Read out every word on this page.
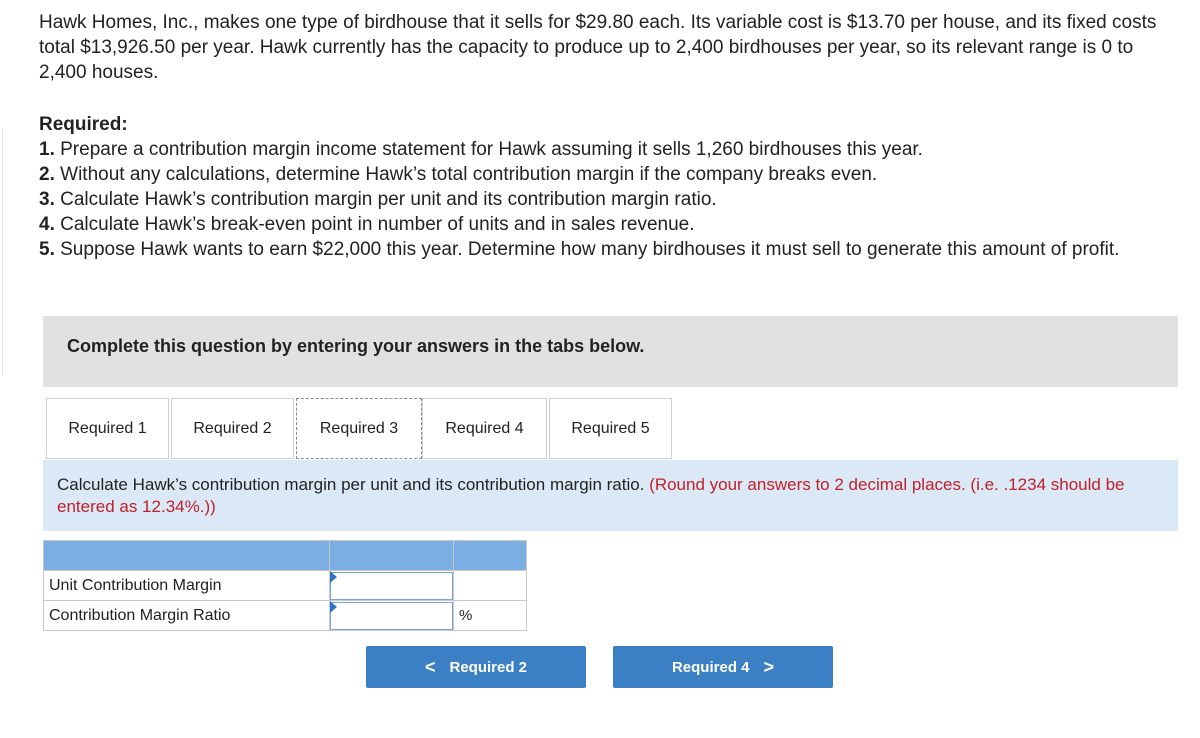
Hawk Homes, Inc., makes one type of birdhouse that it sells for $29.80 each. Its variable cost is $13.70 per house, and its fixed costs total $13,926.50 per year. Hawk currently has the capacity to produce up to 2,400 birdhouses per year, so its relevant range is 0 to 2,400 houses.
Required:
1. Prepare a contribution margin income statement for Hawk assuming it sells 1,260 birdhouses this year.
2. Without any calculations, determine Hawk’s total contribution margin if the company breaks even.
3. Calculate Hawk’s contribution margin per unit and its contribution margin ratio.
4. Calculate Hawk’s break-even point in number of units and in sales revenue.
5. Suppose Hawk wants to earn $22,000 this year. Determine how many birdhouses it must sell to generate this amount of profit.
Complete this question by entering your answers in the tabs below.
Required 1	Required 2	Required 3	Required 4	Required 5
Calculate Hawk’s contribution margin per unit and its contribution margin ratio. (Round your answers to 2 decimal places. (i.e. .1234 should be entered as 12.34%.))

Unit Contribution Margin	

Contribution Margin Ratio		%
< Required 2	Required 4 >
